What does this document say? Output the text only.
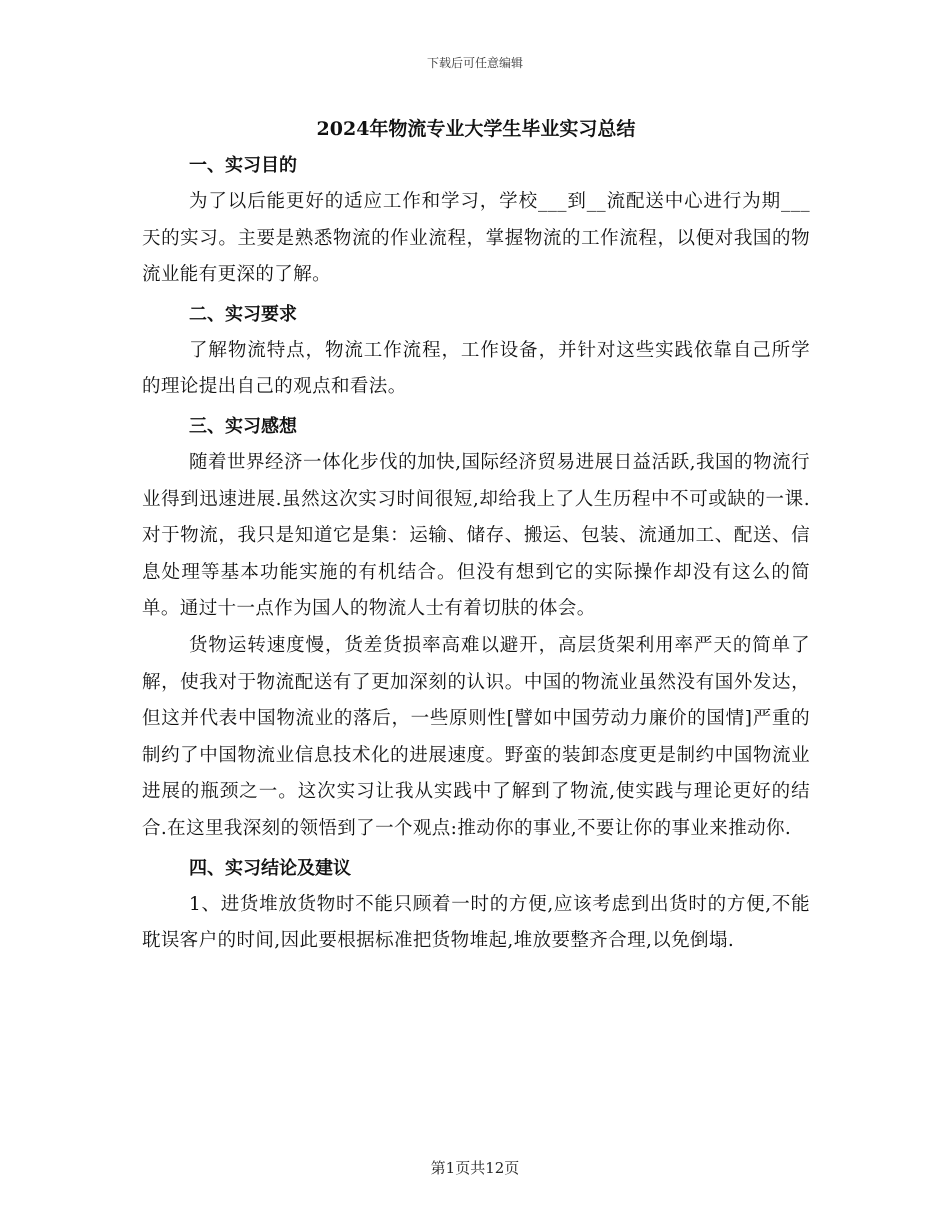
下载后可任意编辑
2024年物流专业大学生毕业实习总结
一、实习目的

为了以后能更好的适应工作和学习，学校___到__流配送中心进行为期___天的实习。主要是熟悉物流的作业流程，掌握物流的工作流程，以便对我国的物流业能有更深的了解。

二、实习要求

了解物流特点，物流工作流程，工作设备，并针对这些实践依靠自己所学的理论提出自己的观点和看法。

三、实习感想

随着世界经济一体化步伐的加快,国际经济贸易进展日益活跃,我国的物流行业得到迅速进展.虽然这次实习时间很短,却给我上了人生历程中不可或缺的一课.对于物流，我只是知道它是集：运输、储存、搬运、包装、流通加工、配送、信息处理等基本功能实施的有机结合。但没有想到它的实际操作却没有这么的简单。通过十一点作为国人的物流人士有着切肤的体会。

货物运转速度慢，货差货损率高难以避开，高层货架利用率严天的简单了解，使我对于物流配送有了更加深刻的认识。中国的物流业虽然没有国外发达，但这并代表中国物流业的落后，一些原则性[譬如中国劳动力廉价的国情]严重的制约了中国物流业信息技术化的进展速度。野蛮的装卸态度更是制约中国物流业进展的瓶颈之一。这次实习让我从实践中了解到了物流,使实践与理论更好的结合.在这里我深刻的领悟到了一个观点:推动你的事业,不要让你的事业来推动你.

四、实习结论及建议

1、进货堆放货物时不能只顾着一时的方便,应该考虑到出货时的方便,不能耽误客户的时间,因此要根据标准把货物堆起,堆放要整齐合理,以免倒塌.

第1页共12页
